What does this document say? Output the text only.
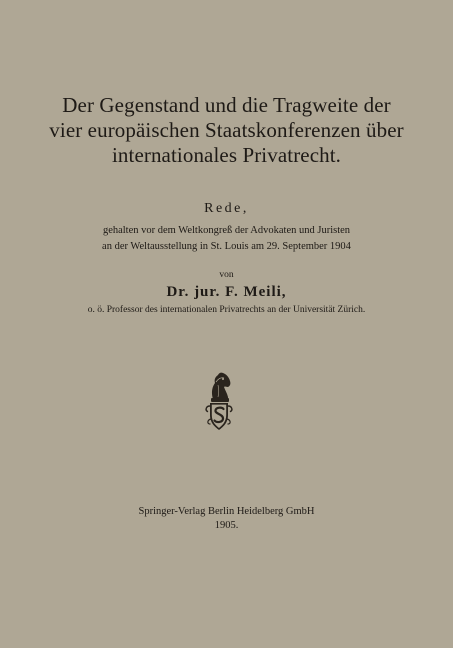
Der Gegenstand und die Tragweite der
vier europäischen Staatskonferenzen über
internationales Privatrecht.
Rede,
gehalten vor dem Weltkongreß der Advokaten und Juristen
an der Weltausstellung in St. Louis am 29. September 1904
von
Dr. jur. F. Meili,
o. ö. Professor des internationalen Privatrechts an der Universität Zürich.
Springer-Verlag Berlin Heidelberg GmbH
1905.
